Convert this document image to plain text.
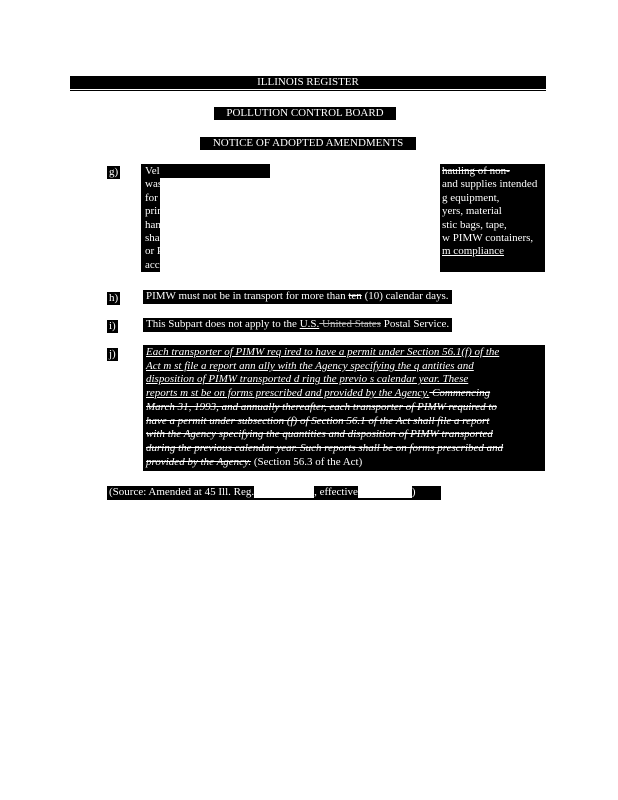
ILLINOIS REGISTER
POLLUTION CONTROL BOARD
NOTICE OF ADOPTED AMENDMENTS
g) Vel	hauling of non-
wast	and supplies intended
for	g equipment,
prin	yers, material
hand	stic bags, tape,
shar	w PIMW containers,
or P	m compliance
acco
h)	PIMW must not be in transport for more than ten (10) calendar days.
i)	This Subpart does not apply to the U.S. United States Postal Service.
j)	Each transporter of PIMW req ired to have a permit under Section 56.1(f) of the
Act m st file a report ann ally with the Agency specifying the q antities and
disposition of PIMW transported d ring the previo s calendar year. These
reports m st be on forms prescribed and provided by the Agency. Commencing
March 31, 1993, and annually thereafter, each transporter of PIMW required to
have a permit under subsection (f) of Section 56.1 of the Act shall file a report
with the Agency specifying the quantities and disposition of PIMW transported
during the previous calendar year. Such reports shall be on forms prescribed and
provided by the Agency. (Section 56.3 of the Act)
(Source: Amended at 45 Ill. Reg.	, effective	)
